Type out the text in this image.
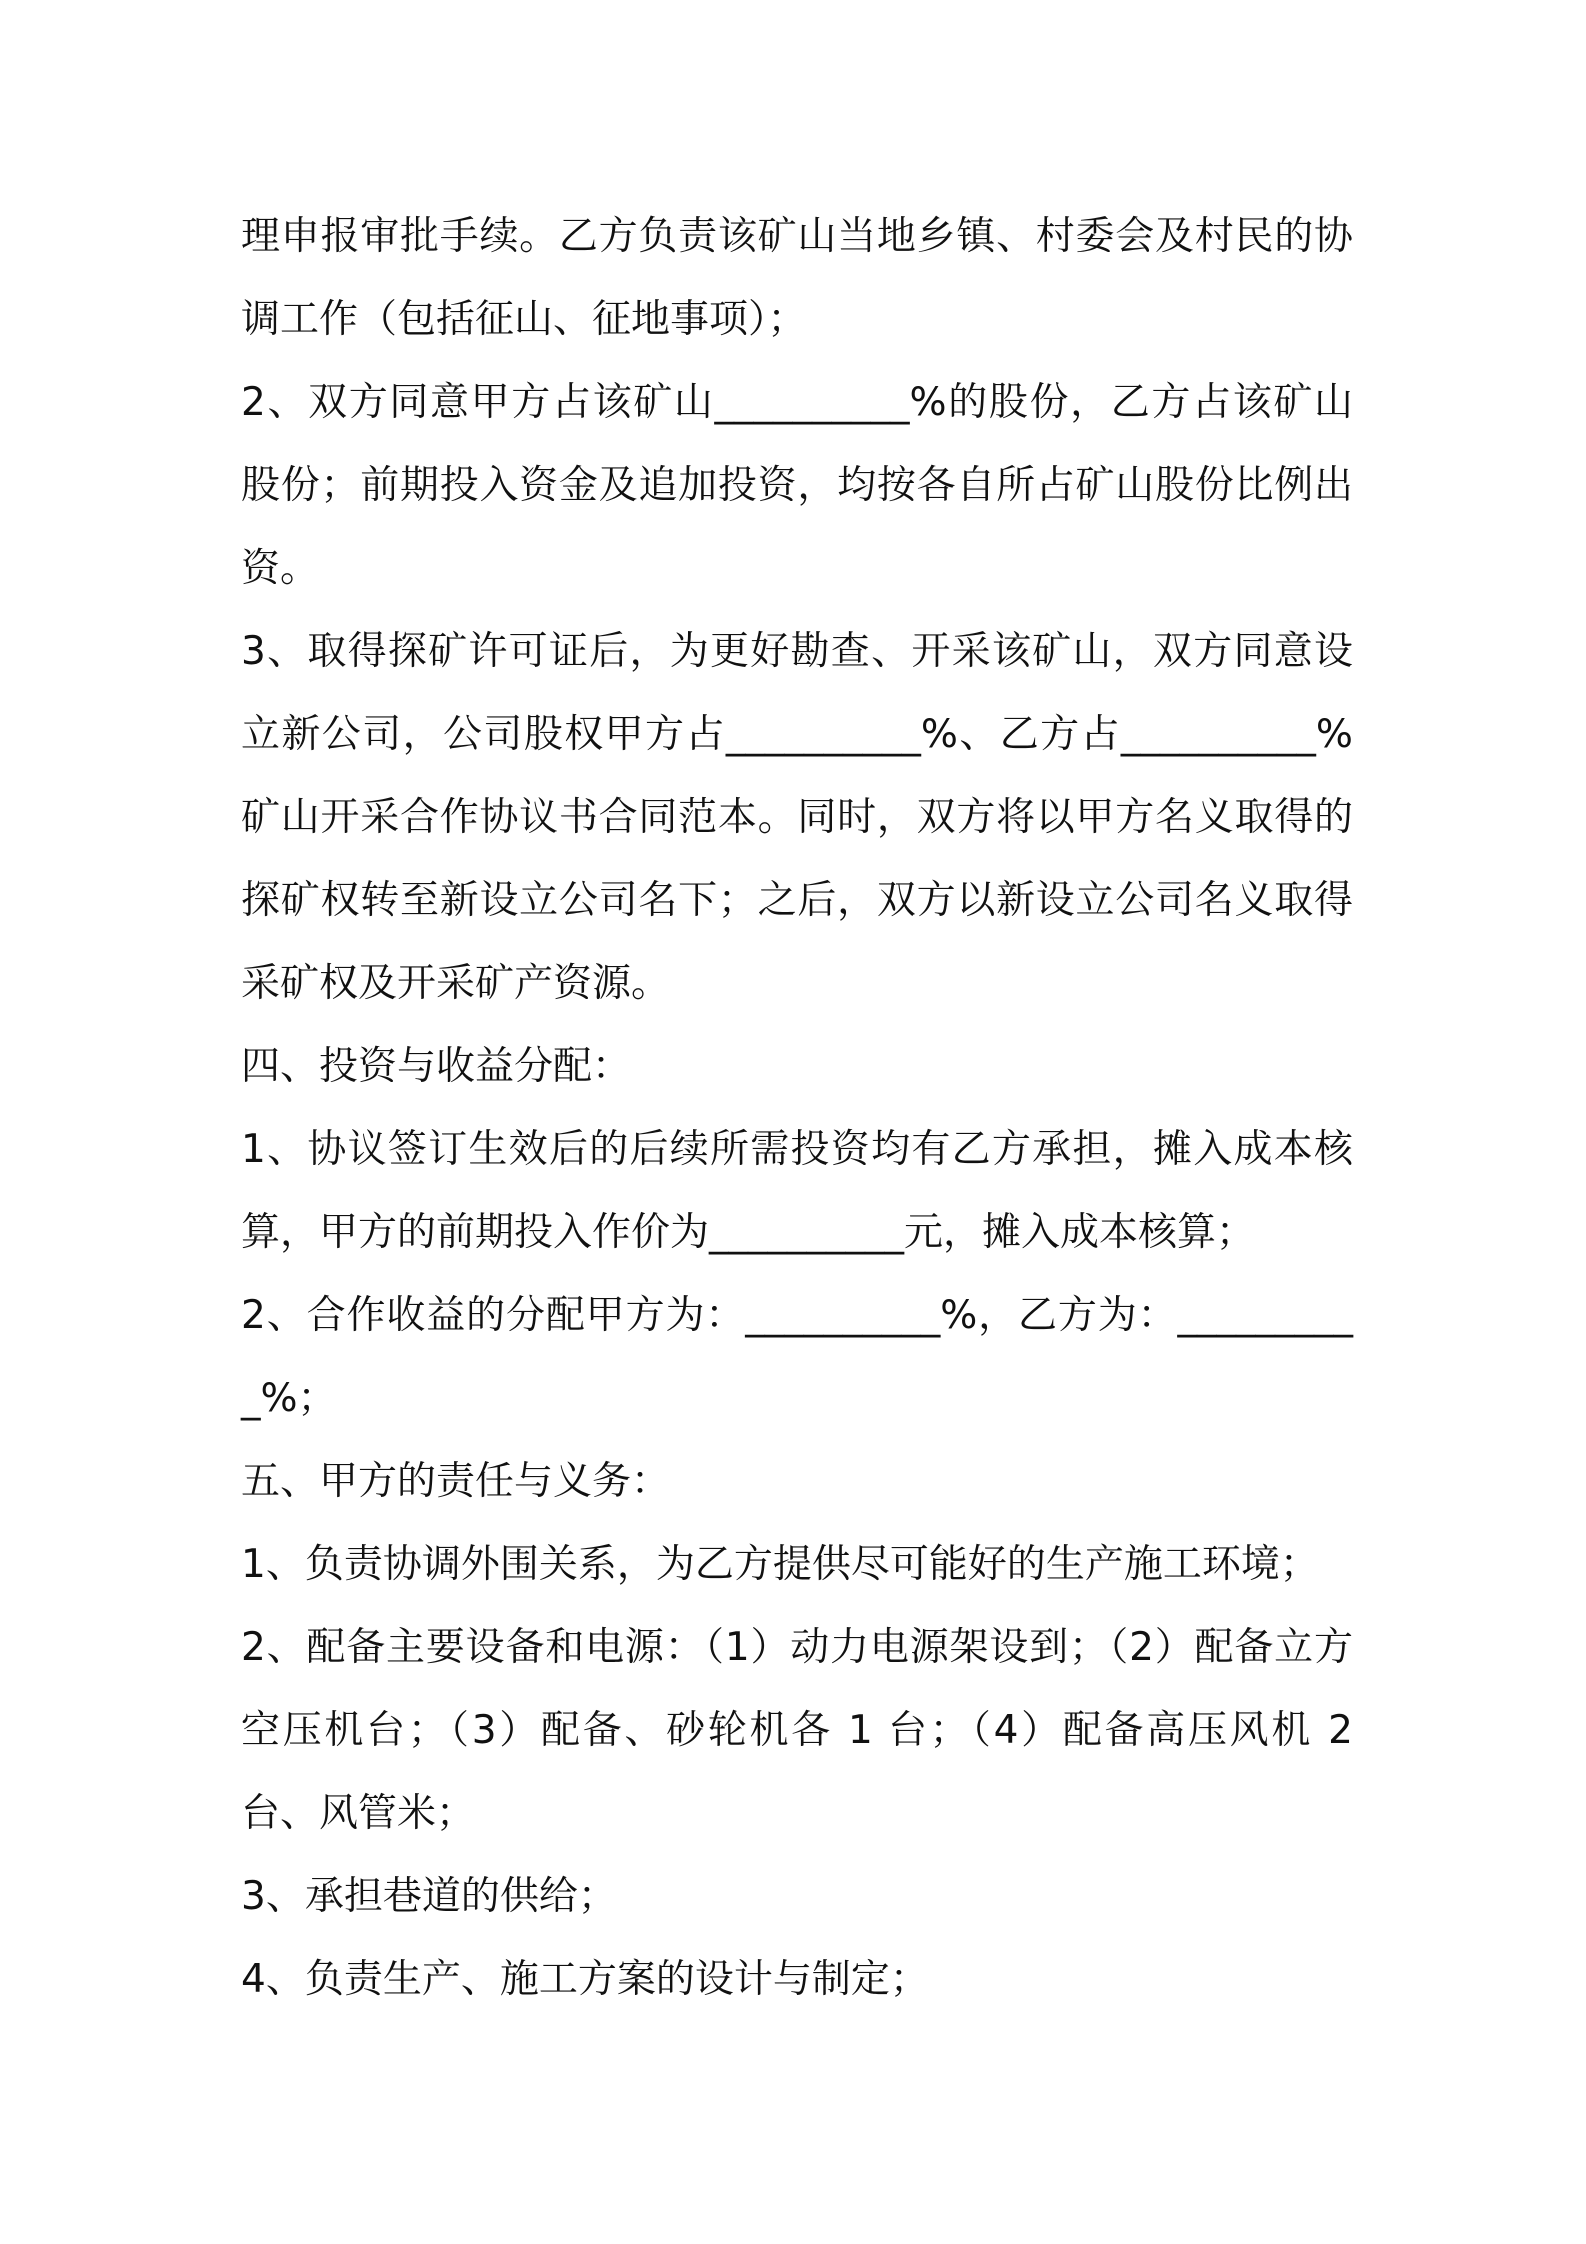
理申报审批手续。乙方负责该矿山当地乡镇、村委会及村民的协调工作（包括征山、征地事项）；

2、双方同意甲方占该矿山__________%的股份，乙方占该矿山股份；前期投入资金及追加投资，均按各自所占矿山股份比例出资。

3、取得探矿许可证后，为更好勘查、开采该矿山，双方同意设立新公司，公司股权甲方占__________%、乙方占__________%矿山开采合作协议书合同范本。同时，双方将以甲方名义取得的探矿权转至新设立公司名下；之后，双方以新设立公司名义取得采矿权及开采矿产资源。

四、投资与收益分配：

1、协议签订生效后的后续所需投资均有乙方承担，摊入成本核算，甲方的前期投入作价为__________元，摊入成本核算；

2、合作收益的分配甲方为：__________%，乙方为：__________%；

五、甲方的责任与义务：

1、负责协调外围关系，为乙方提供尽可能好的生产施工环境；

2、配备主要设备和电源：（1）动力电源架设到；（2）配备立方空压机台；（3）配备、砂轮机各 1 台；（4）配备高压风机 2 台、风管米；

3、承担巷道的供给；

4、负责生产、施工方案的设计与制定；
